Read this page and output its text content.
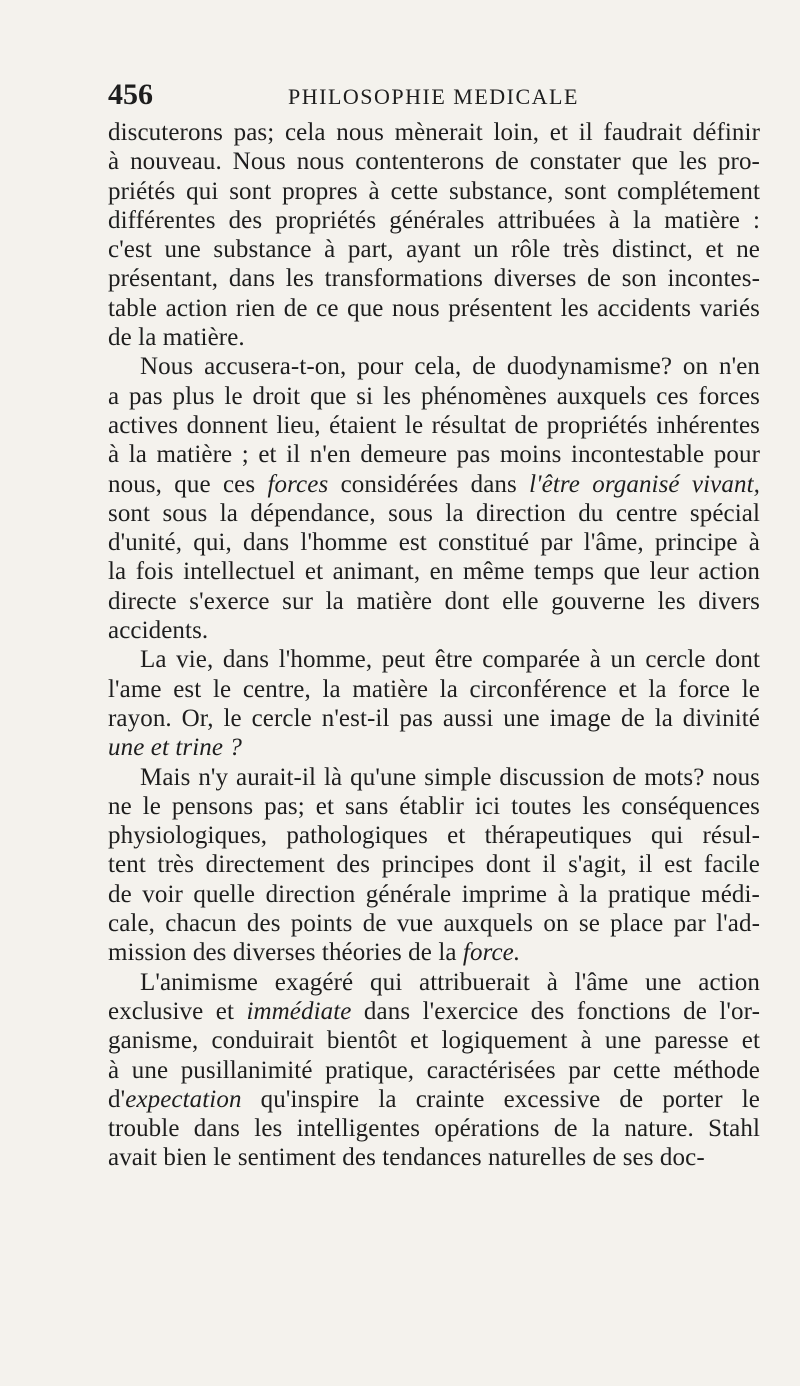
456	PHILOSOPHIE MEDICALE
discuterons pas; cela nous mènerait loin, et il faudrait définir
à nouveau. Nous nous contenterons de constater que les pro-
priétés qui sont propres à cette substance, sont complétement
différentes des propriétés générales attribuées à la matière :
c'est une substance à part, ayant un rôle très distinct, et ne
présentant, dans les transformations diverses de son incontes-
table action rien de ce que nous présentent les accidents variés
de la matière.
Nous accusera-t-on, pour cela, de duodynamisme? on n'en
a pas plus le droit que si les phénomènes auxquels ces forces
actives donnent lieu, étaient le résultat de propriétés inhérentes
à la matière ; et il n'en demeure pas moins incontestable pour
nous, que ces forces considérées dans l'être organisé vivant,
sont sous la dépendance, sous la direction du centre spécial
d'unité, qui, dans l'homme est constitué par l'âme, principe à
la fois intellectuel et animant, en même temps que leur action
directe s'exerce sur la matière dont elle gouverne les divers
accidents.
La vie, dans l'homme, peut être comparée à un cercle dont
l'ame est le centre, la matière la circonférence et la force le
rayon. Or, le cercle n'est-il pas aussi une image de la divinité
une et trine ?
Mais n'y aurait-il là qu'une simple discussion de mots? nous
ne le pensons pas; et sans établir ici toutes les conséquences
physiologiques, pathologiques et thérapeutiques qui résul-
tent très directement des principes dont il s'agit, il est facile
de voir quelle direction générale imprime à la pratique médi-
cale, chacun des points de vue auxquels on se place par l'ad-
mission des diverses théories de la force.
L'animisme exagéré qui attribuerait à l'âme une action
exclusive et immédiate dans l'exercice des fonctions de l'or-
ganisme, conduirait bientôt et logiquement à une paresse et
à une pusillanimité pratique, caractérisées par cette méthode
d'expectation qu'inspire la crainte excessive de porter le
trouble dans les intelligentes opérations de la nature. Stahl
avait bien le sentiment des tendances naturelles de ses doc-
